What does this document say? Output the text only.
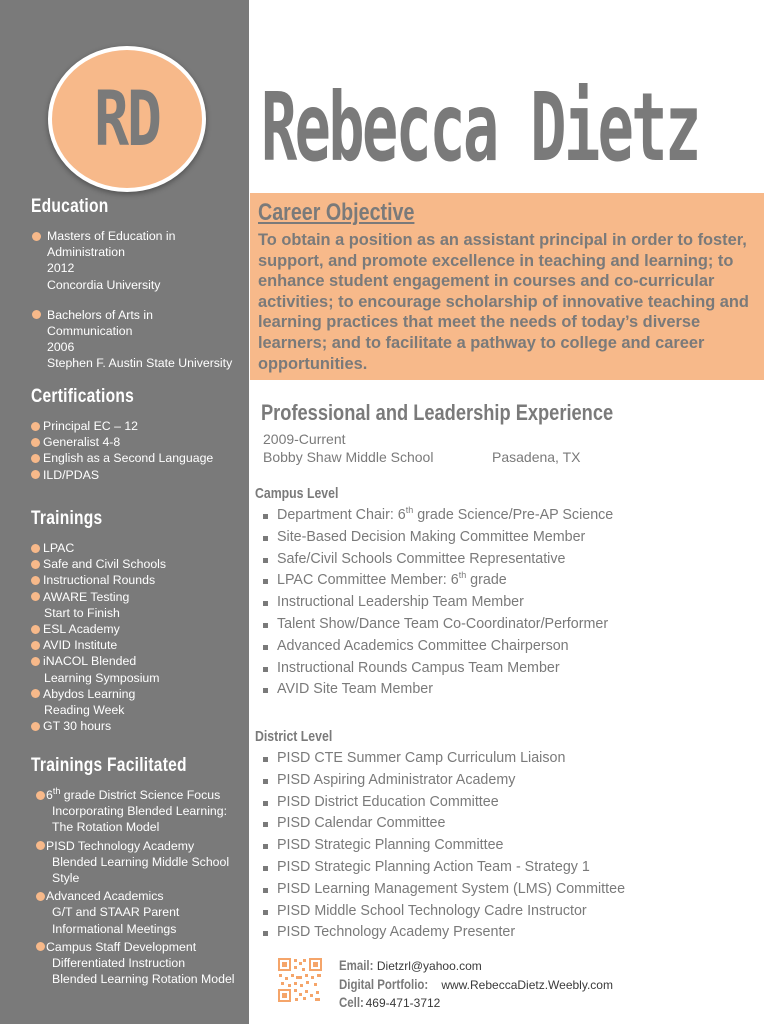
RD
Education
Masters of Education in
Administration
2012
Concordia University
Bachelors of Arts in
Communication
2006
Stephen F. Austin State University
Certifications
Principal EC – 12
Generalist 4-8
English as a Second Language
ILD/PDAS
Trainings
LPAC
Safe and Civil Schools
Instructional Rounds
AWARE Testing
Start to Finish
ESL Academy
AVID Institute
iNACOL Blended
Learning Symposium
Abydos Learning
Reading Week
GT 30 hours
Trainings Facilitated
6th grade District Science Focus
Incorporating Blended Learning:
The Rotation Model
PISD Technology Academy
Blended Learning Middle School
Style
Advanced Academics
G/T and STAAR Parent
Informational Meetings
Campus Staff Development
Differentiated Instruction
Blended Learning Rotation Model
Rebecca Dietz
Career Objective
To obtain a position as an assistant principal in order to foster, support, and promote excellence in teaching and learning; to enhance student engagement in courses and co-curricular activities; to encourage scholarship of innovative teaching and learning practices that meet the needs of today’s diverse learners; and to facilitate a pathway to college and career opportunities.
Professional and Leadership Experience
2009-Current
Bobby Shaw Middle School	Pasadena, TX
Campus Level
Department Chair: 6th grade Science/Pre-AP Science
Site-Based Decision Making Committee Member
Safe/Civil Schools Committee Representative
LPAC Committee Member: 6th grade
Instructional Leadership Team Member
Talent Show/Dance Team Co-Coordinator/Performer
Advanced Academics Committee Chairperson
Instructional Rounds Campus Team Member
AVID Site Team Member
District Level
PISD CTE Summer Camp Curriculum Liaison
PISD Aspiring Administrator Academy
PISD District Education Committee
PISD Calendar Committee
PISD Strategic Planning Committee
PISD Strategic Planning Action Team - Strategy 1
PISD Learning Management System (LMS) Committee
PISD Middle School Technology Cadre Instructor
PISD Technology Academy Presenter
Email: Dietzrl@yahoo.com
Digital Portfolio: www.RebeccaDietz.Weebly.com
Cell: 469-471-3712
